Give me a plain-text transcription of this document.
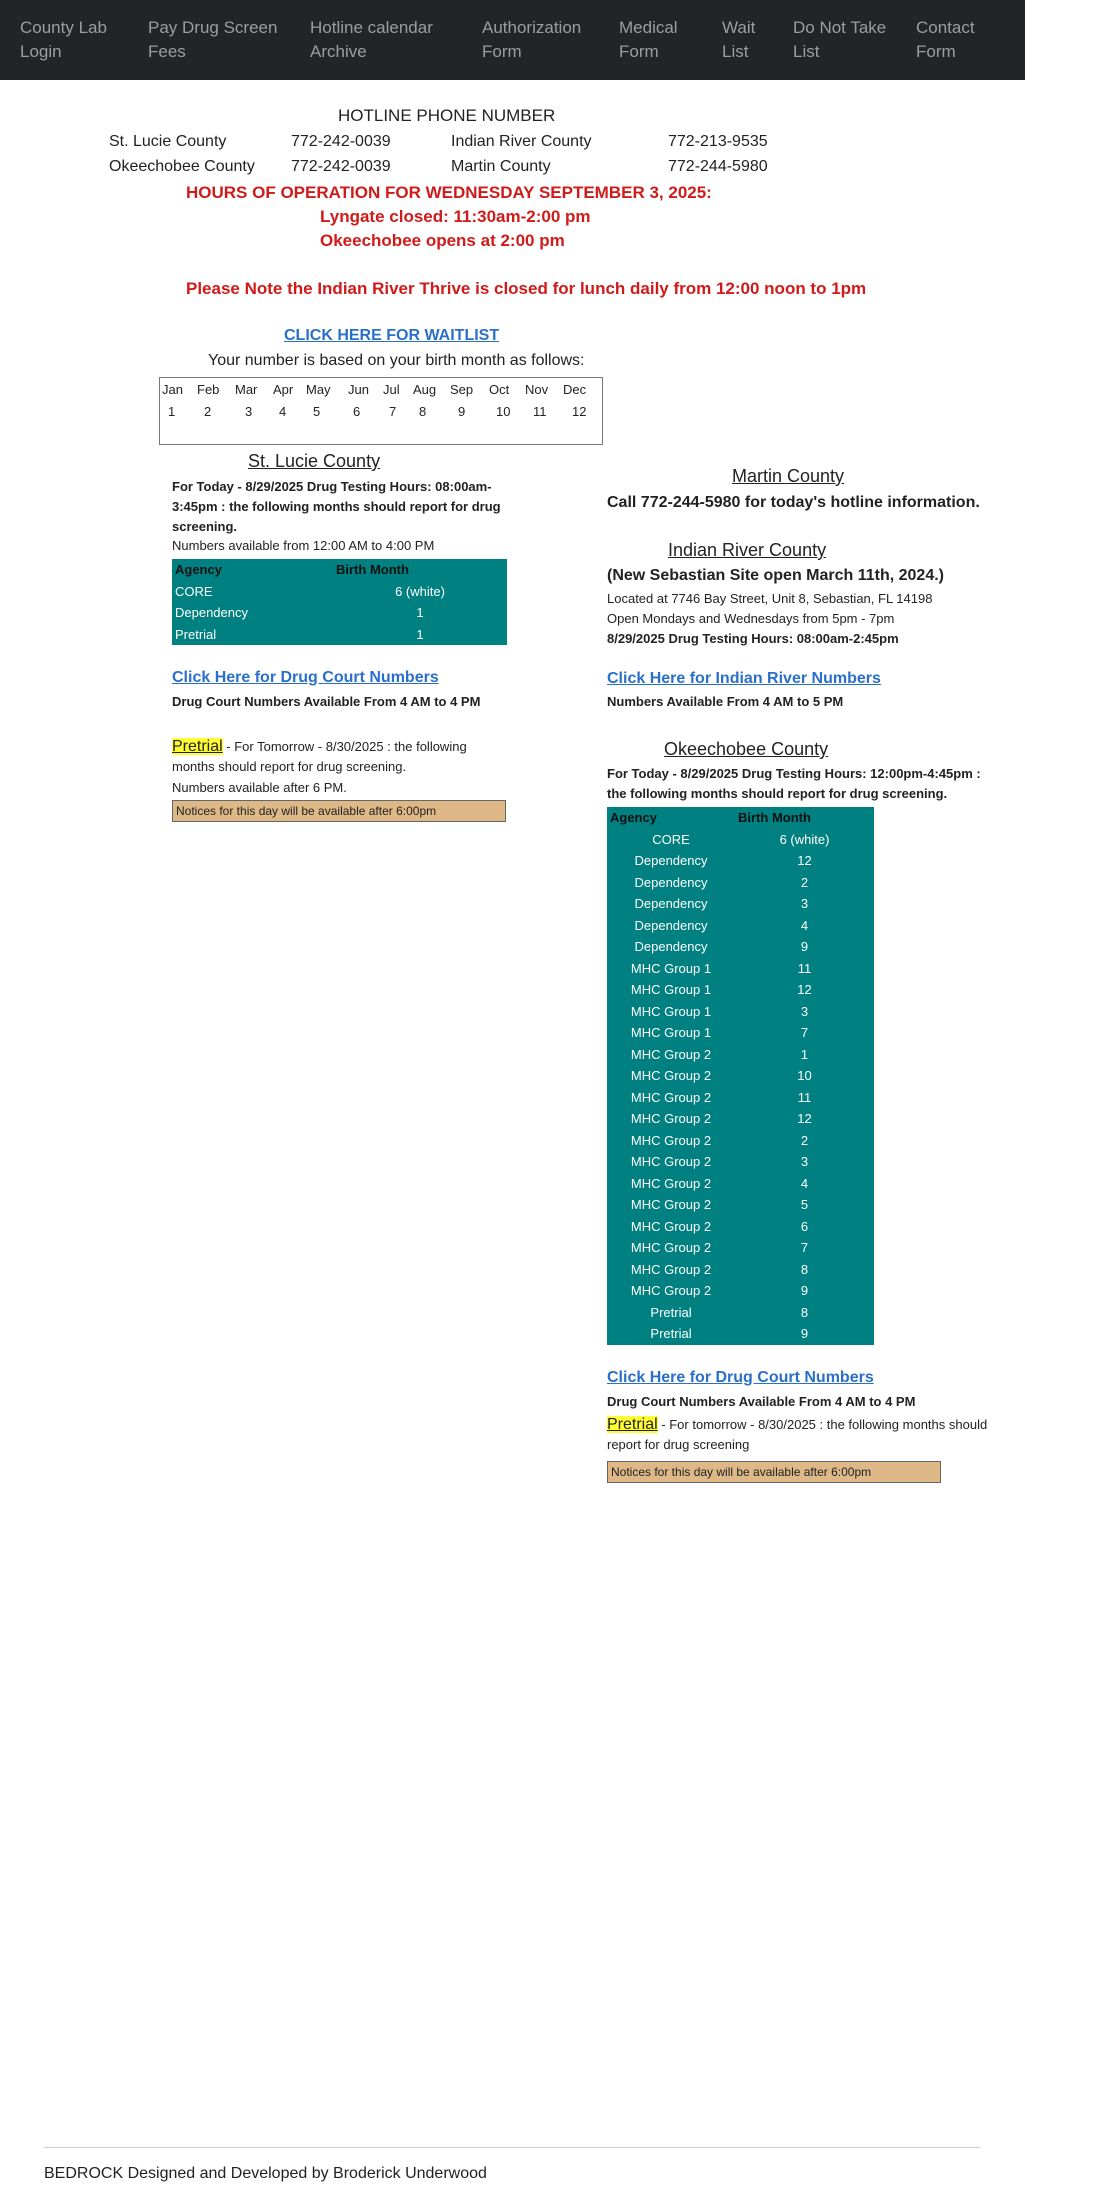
County Lab Login
Pay Drug Screen Fees
Hotline calendar Archive
Authorization Form
Medical Form
Wait List
Do Not Take List
Contact Form
HOTLINE PHONE NUMBER
St. Lucie County	772-242-0039	Indian River County	772-213-9535
Okeechobee County 772-242-0039	Martin County	772-244-5980
HOURS OF OPERATION FOR WEDNESDAY SEPTEMBER 3, 2025:
Lyngate closed: 11:30am-2:00 pm
Okeechobee opens at 2:00 pm
Please Note the Indian River Thrive is closed for lunch daily from 12:00 noon to 1pm
CLICK HERE FOR WAITLIST
Your number is based on your birth month as follows:
Jan Feb Mar Apr May Jun Jul Aug Sep Oct Nov Dec
1 2	3 4 5	6 7 8 9 10 11 12
St. Lucie County
For Today - 8/29/2025 Drug Testing Hours: 08:00am-3:45pm : the following months should report for drug screening.
Numbers available from 12:00 AM to 4:00 PM
Agency	Birth Month
CORE	6 (white)
Dependency	1
Pretrial	1
Click Here for Drug Court Numbers
Drug Court Numbers Available From 4 AM to 4 PM
Pretrial - For Tomorrow - 8/30/2025 : the following months should report for drug screening.
Numbers available after 6 PM.
Notices for this day will be available after 6:00pm
Martin County
Call 772-244-5980 for today's hotline information.
Indian River County
(New Sebastian Site open March 11th, 2024.)
Located at 7746 Bay Street, Unit 8, Sebastian, FL 14198
Open Mondays and Wednesdays from 5pm - 7pm
8/29/2025 Drug Testing Hours: 08:00am-2:45pm
Click Here for Indian River Numbers
Numbers Available From 4 AM to 5 PM
Okeechobee County
For Today - 8/29/2025 Drug Testing Hours: 12:00pm-4:45pm : the following months should report for drug screening.
Agency	Birth Month
CORE	6 (white)
Dependency	12
Dependency	2
Dependency	3
Dependency	4
Dependency	9
MHC Group 1	11
MHC Group 1	12
MHC Group 1	3
MHC Group 1	7
MHC Group 2	1
MHC Group 2	10
MHC Group 2	11
MHC Group 2	12
MHC Group 2	2
MHC Group 2	3
MHC Group 2	4
MHC Group 2	5
MHC Group 2	6
MHC Group 2	7
MHC Group 2	8
MHC Group 2	9
Pretrial	8
Pretrial	9
Click Here for Drug Court Numbers
Drug Court Numbers Available From 4 AM to 4 PM
Pretrial - For tomorrow - 8/30/2025 : the following months should report for drug screening
Notices for this day will be available after 6:00pm
BEDROCK Designed and Developed by Broderick Underwood
